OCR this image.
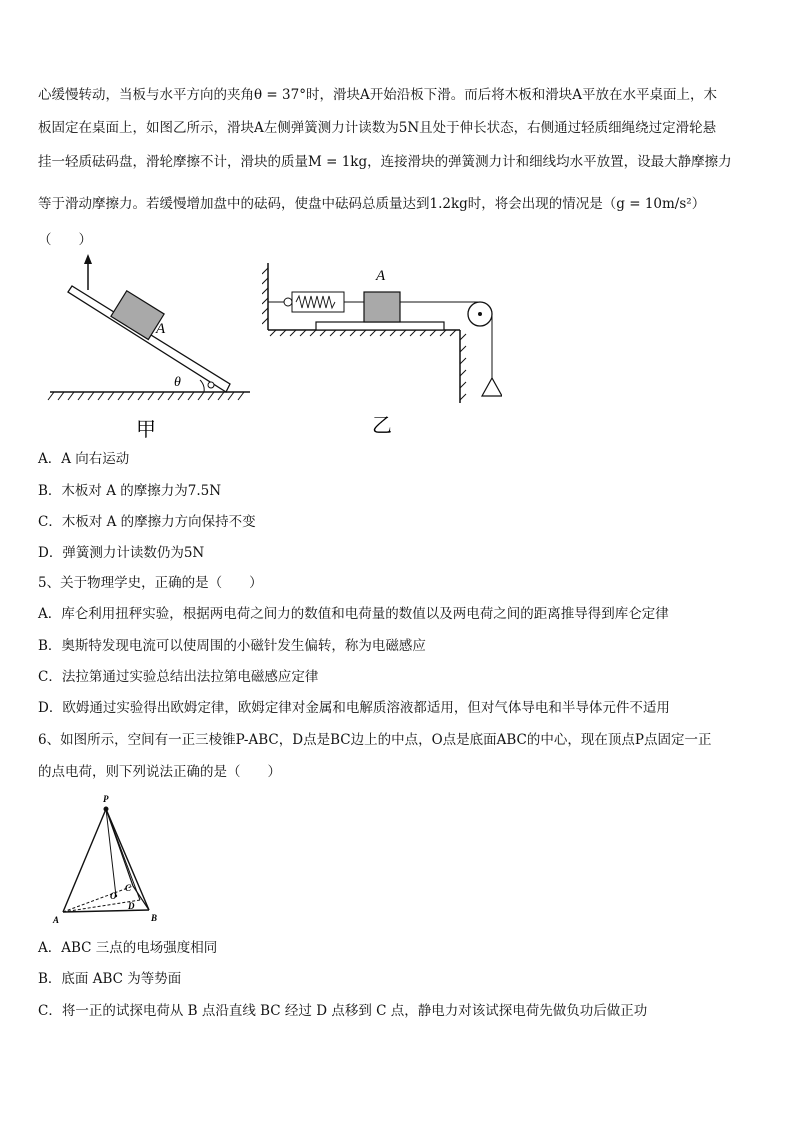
心缓慢转动，当板与水平方向的夹角θ = 37°时，滑块A开始沿板下滑。而后将木板和滑块A平放在水平桌面上，木
板固定在桌面上，如图乙所示，滑块A左侧弹簧测力计读数为5N且处于伸长状态，右侧通过轻质细绳绕过定滑轮悬
挂一轻质砝码盘，滑轮摩擦不计，滑块的质量M = 1kg，连接滑块的弹簧测力计和细线均水平放置，设最大静摩擦力
等于滑动摩擦力。若缓慢增加盘中的砝码，使盘中砝码总质量达到1.2kg时，将会出现的情况是（g = 10m/s²）
（　　）
A
θ
甲
A
乙
A．A 向右运动
B．木板对 A 的摩擦力为7.5N
C．木板对 A 的摩擦力方向保持不变
D．弹簧测力计读数仍为5N
5、关于物理学史，正确的是（　　）
A．库仑利用扭秤实验，根据两电荷之间力的数值和电荷量的数值以及两电荷之间的距离推导得到库仑定律
B．奥斯特发现电流可以使周围的小磁针发生偏转，称为电磁感应
C．法拉第通过实验总结出法拉第电磁感应定律
D．欧姆通过实验得出欧姆定律，欧姆定律对金属和电解质溶液都适用，但对气体导电和半导体元件不适用
6、如图所示，空间有一正三棱锥P-ABC，D点是BC边上的中点，O点是底面ABC的中心，现在顶点P点固定一正
的点电荷，则下列说法正确的是（　　）
P
A	B
C
D
O
A．ABC 三点的电场强度相同
B．底面 ABC 为等势面
C．将一正的试探电荷从 B 点沿直线 BC 经过 D 点移到 C 点，静电力对该试探电荷先做负功后做正功
